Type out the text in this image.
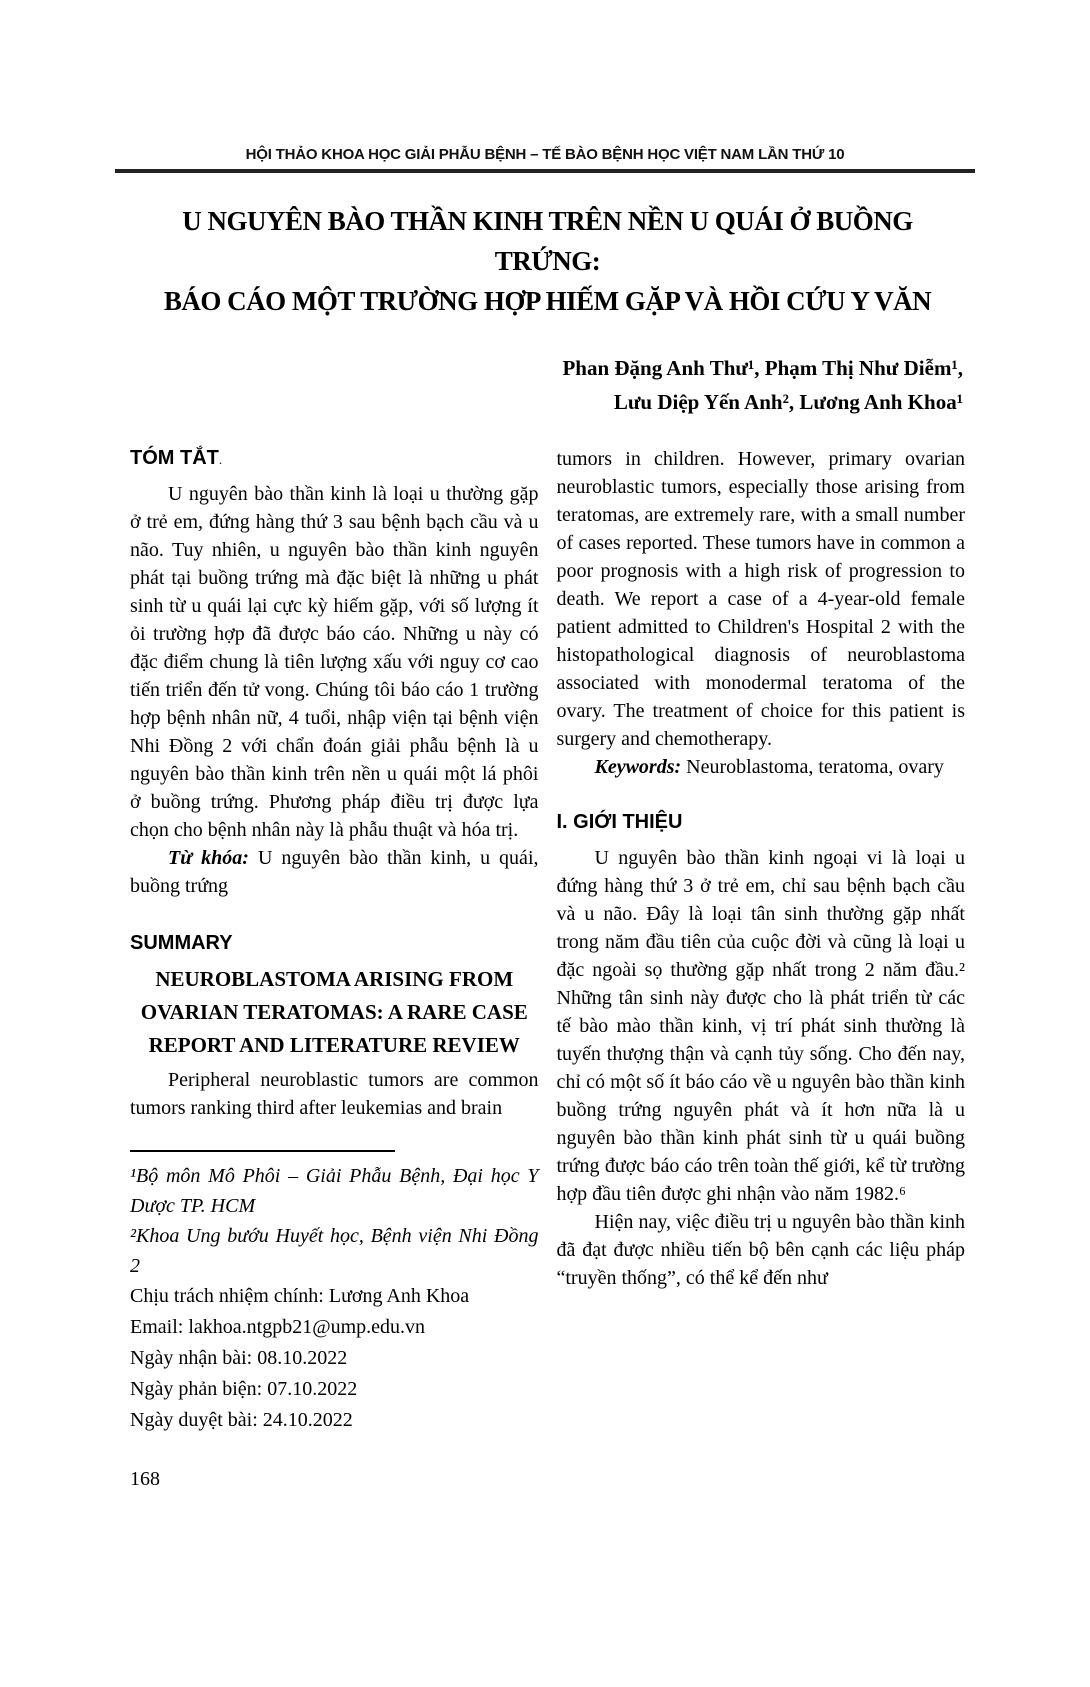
HỘI THẢO KHOA HỌC GIẢI PHẪU BỆNH – TẾ BÀO BỆNH HỌC VIỆT NAM LẦN THỨ 10
U NGUYÊN BÀO THẦN KINH TRÊN NỀN U QUÁI Ở BUỒNG TRỨNG:
BÁO CÁO MỘT TRƯỜNG HỢP HIẾM GẶP VÀ HỒI CỨU Y VĂN
Phan Đặng Anh Thư¹, Phạm Thị Như Diễm¹,
Lưu Diệp Yến Anh², Lương Anh Khoa¹
TÓM TẮT.

U nguyên bào thần kinh là loại u thường gặp ở trẻ em, đứng hàng thứ 3 sau bệnh bạch cầu và u não. Tuy nhiên, u nguyên bào thần kinh nguyên phát tại buồng trứng mà đặc biệt là những u phát sinh từ u quái lại cực kỳ hiếm gặp, với số lượng ít ỏi trường hợp đã được báo cáo. Những u này có đặc điểm chung là tiên lượng xấu với nguy cơ cao tiến triển đến tử vong. Chúng tôi báo cáo 1 trường hợp bệnh nhân nữ, 4 tuổi, nhập viện tại bệnh viện Nhi Đồng 2 với chẩn đoán giải phẫu bệnh là u nguyên bào thần kinh trên nền u quái một lá phôi ở buồng trứng. Phương pháp điều trị được lựa chọn cho bệnh nhân này là phẫu thuật và hóa trị.

Từ khóa: U nguyên bào thần kinh, u quái, buồng trứng

SUMMARY
NEUROBLASTOMA ARISING FROM OVARIAN TERATOMAS: A RARE CASE REPORT AND LITERATURE REVIEW

Peripheral neuroblastic tumors are common tumors ranking third after leukemias and brain

¹Bộ môn Mô Phôi – Giải Phẫu Bệnh, Đại học Y Dược TP. HCM

²Khoa Ung bướu Huyết học, Bệnh viện Nhi Đồng 2

Chịu trách nhiệm chính: Lương Anh Khoa

Email: lakhoa.ntgpb21@ump.edu.vn

Ngày nhận bài: 08.10.2022

Ngày phản biện: 07.10.2022

Ngày duyệt bài: 24.10.2022

tumors in children. However, primary ovarian neuroblastic tumors, especially those arising from teratomas, are extremely rare, with a small number of cases reported. These tumors have in common a poor prognosis with a high risk of progression to death. We report a case of a 4-year-old female patient admitted to Children's Hospital 2 with the histopathological diagnosis of neuroblastoma associated with monodermal teratoma of the ovary. The treatment of choice for this patient is surgery and chemotherapy.

Keywords: Neuroblastoma, teratoma, ovary

I. GIỚI THIỆU

U nguyên bào thần kinh ngoại vi là loại u đứng hàng thứ 3 ở trẻ em, chỉ sau bệnh bạch cầu và u não. Đây là loại tân sinh thường gặp nhất trong năm đầu tiên của cuộc đời và cũng là loại u đặc ngoài sọ thường gặp nhất trong 2 năm đầu.² Những tân sinh này được cho là phát triển từ các tế bào mào thần kinh, vị trí phát sinh thường là tuyến thượng thận và cạnh tủy sống. Cho đến nay, chỉ có một số ít báo cáo về u nguyên bào thần kinh buồng trứng nguyên phát và ít hơn nữa là u nguyên bào thần kinh phát sinh từ u quái buồng trứng được báo cáo trên toàn thế giới, kể từ trường hợp đầu tiên được ghi nhận vào năm 1982.⁶

Hiện nay, việc điều trị u nguyên bào thần kinh đã đạt được nhiều tiến bộ bên cạnh các liệu pháp “truyền thống”, có thể kể đến như

168
